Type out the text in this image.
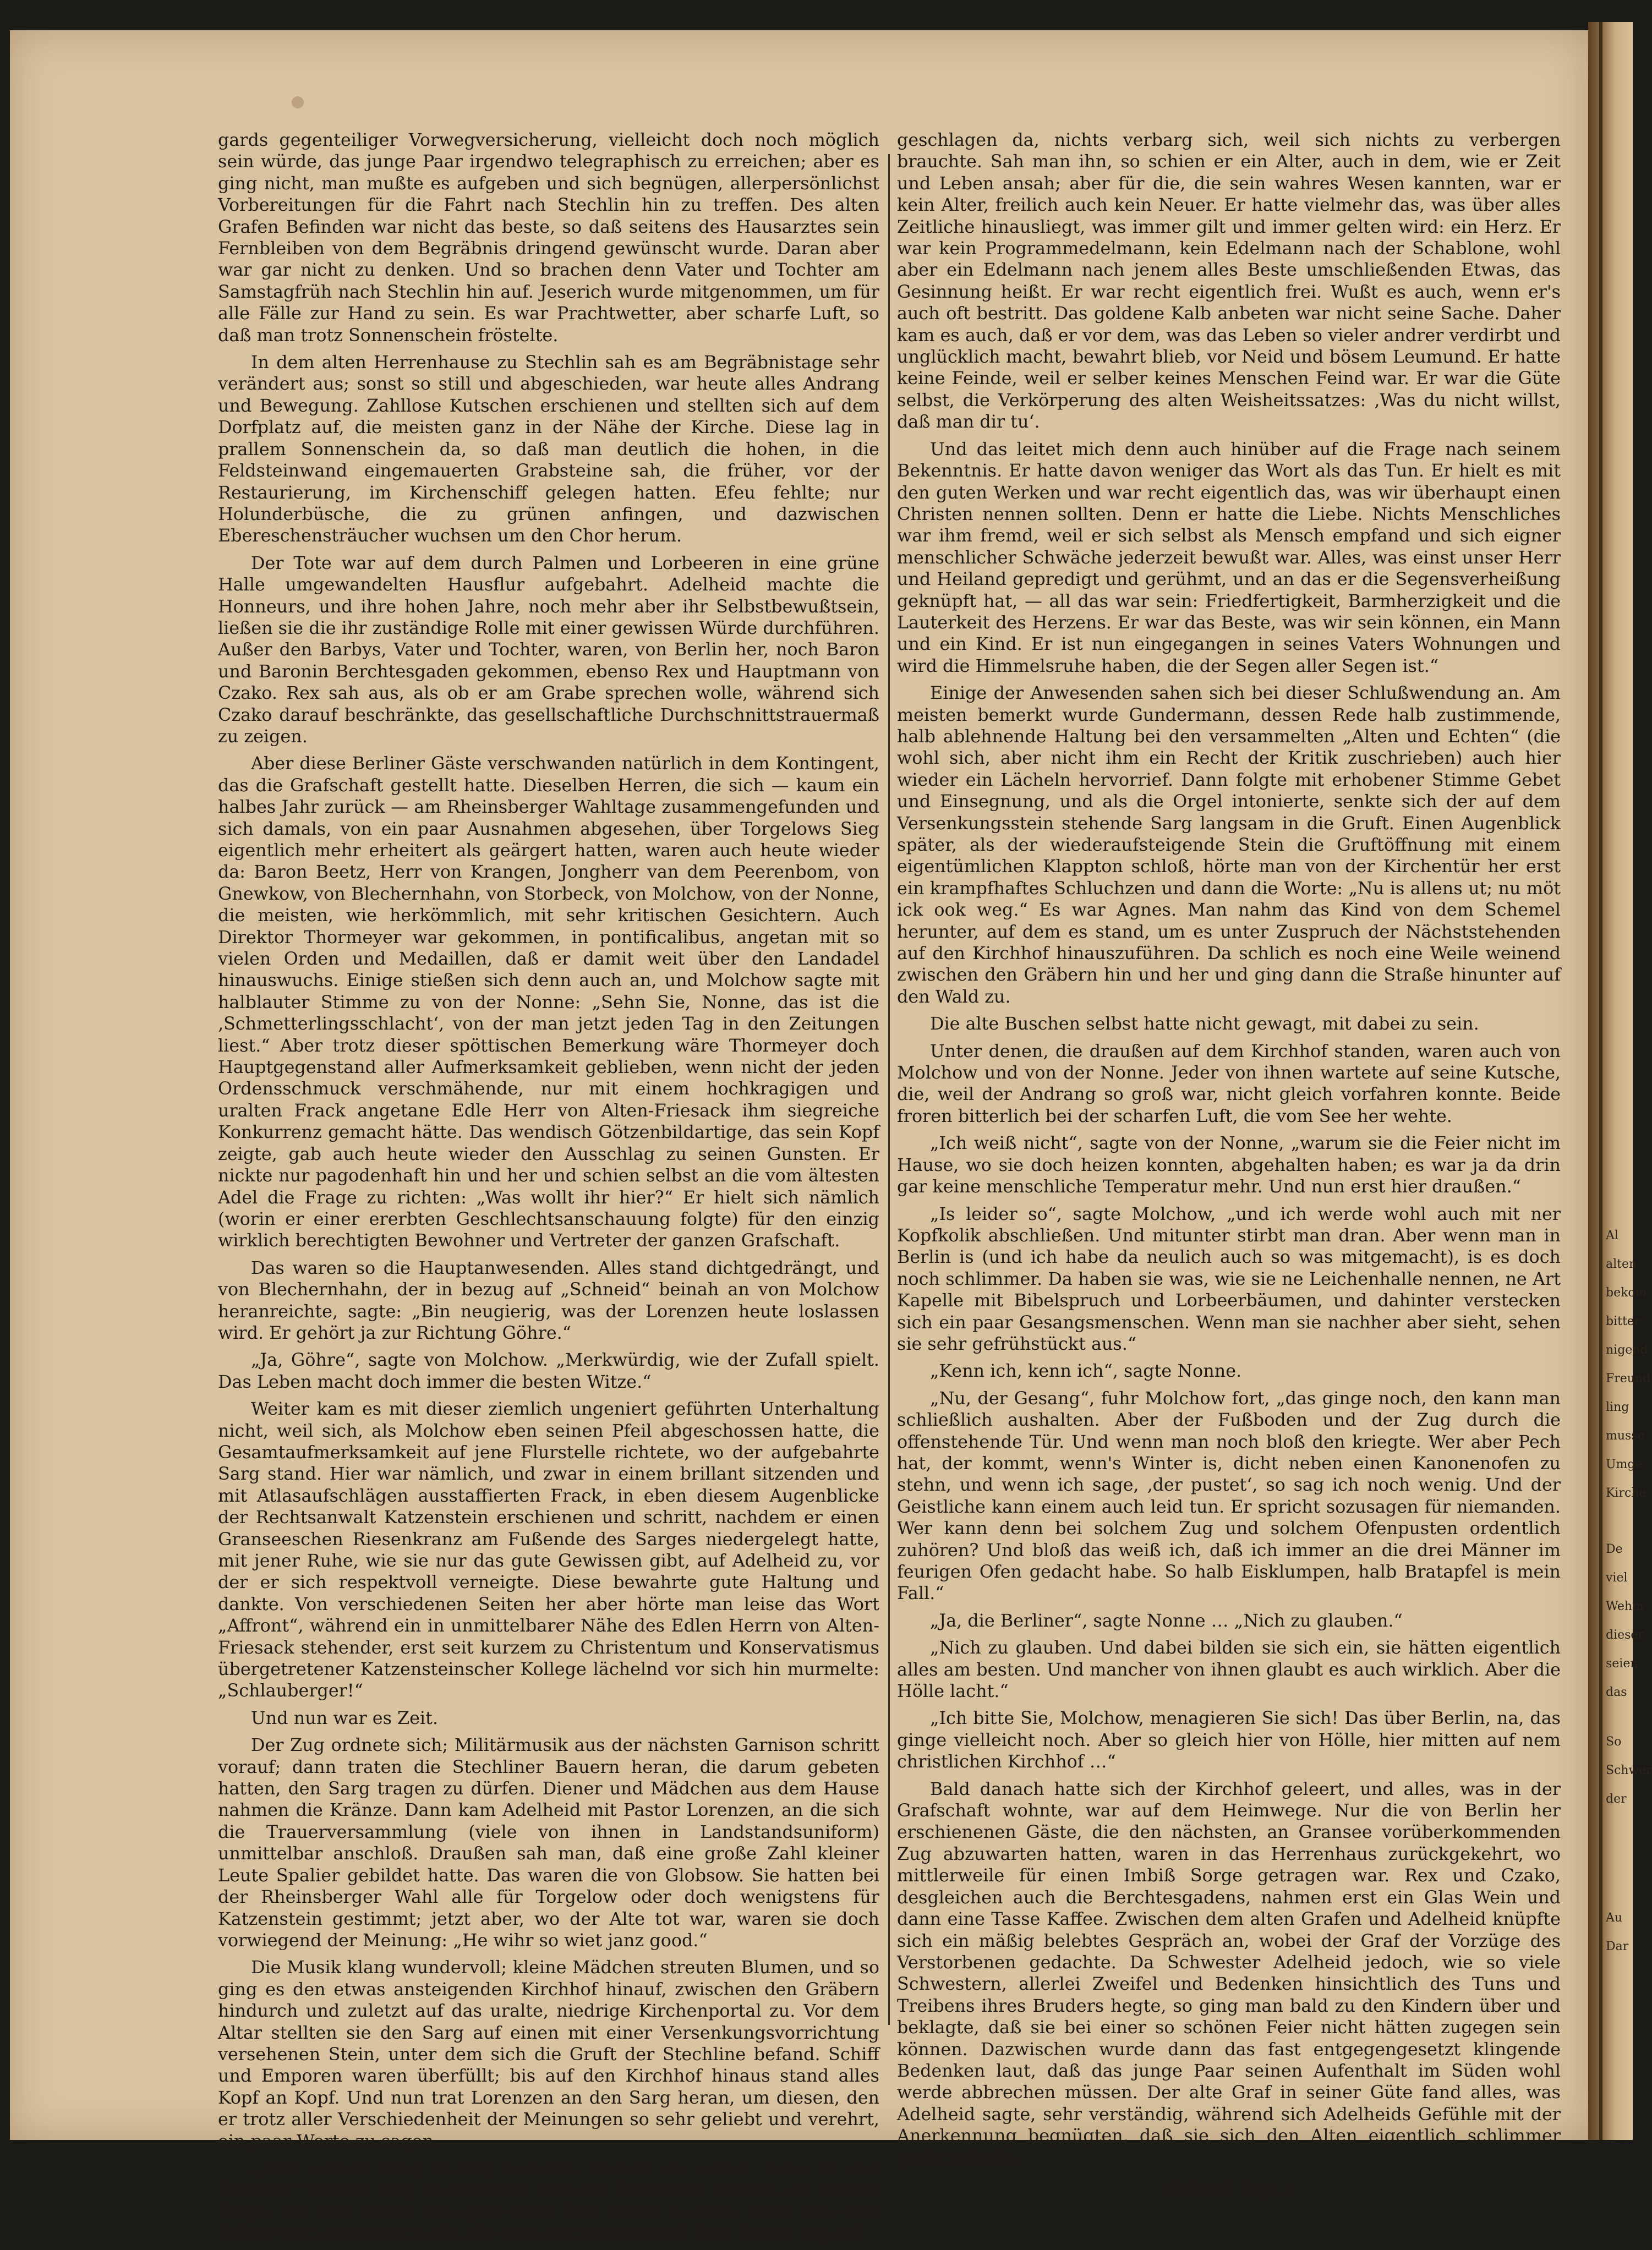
gards gegenteiliger Vorwegversicherung, vielleicht doch noch möglich sein würde, das junge Paar irgendwo telegraphisch zu erreichen; aber es ging nicht, man mußte es aufgeben und sich begnügen, allerpersönlichst Vorbereitungen für die Fahrt nach Stechlin hin zu treffen. Des alten Grafen Befinden war nicht das beste, so daß seitens des Hausarztes sein Fernbleiben von dem Begräbnis dringend gewünscht wurde. Daran aber war gar nicht zu denken. Und so brachen denn Vater und Tochter am Samstagfrüh nach Stechlin hin auf. Jeserich wurde mitgenommen, um für alle Fälle zur Hand zu sein. Es war Prachtwetter, aber scharfe Luft, so daß man trotz Sonnenschein fröstelte.

In dem alten Herrenhause zu Stechlin sah es am Begräbnistage sehr verändert aus; sonst so still und abgeschieden, war heute alles Andrang und Bewegung. Zahllose Kutschen erschienen und stellten sich auf dem Dorfplatz auf, die meisten ganz in der Nähe der Kirche. Diese lag in prallem Sonnenschein da, so daß man deutlich die hohen, in die Feldsteinwand eingemauerten Grabsteine sah, die früher, vor der Restaurierung, im Kirchenschiff gelegen hatten. Efeu fehlte; nur Holunderbüsche, die zu grünen anfingen, und dazwischen Ebereschensträucher wuchsen um den Chor herum.

Der Tote war auf dem durch Palmen und Lorbeeren in eine grüne Halle umgewandelten Hausflur aufgebahrt. Adelheid machte die Honneurs, und ihre hohen Jahre, noch mehr aber ihr Selbstbewußtsein, ließen sie die ihr zuständige Rolle mit einer gewissen Würde durchführen. Außer den Barbys, Vater und Tochter, waren, von Berlin her, noch Baron und Baronin Berchtesgaden gekommen, ebenso Rex und Hauptmann von Czako. Rex sah aus, als ob er am Grabe sprechen wolle, während sich Czako darauf beschränkte, das gesellschaftliche Durchschnittstrauermaß zu zeigen.

Aber diese Berliner Gäste verschwanden natürlich in dem Kontingent, das die Grafschaft gestellt hatte. Dieselben Herren, die sich — kaum ein halbes Jahr zurück — am Rheinsberger Wahltage zusammengefunden und sich damals, von ein paar Ausnahmen abgesehen, über Torgelows Sieg eigentlich mehr erheitert als geärgert hatten, waren auch heute wieder da: Baron Beetz, Herr von Krangen, Jongherr van dem Peerenbom, von Gnewkow, von Blechernhahn, von Storbeck, von Molchow, von der Nonne, die meisten, wie herkömmlich, mit sehr kritischen Gesichtern. Auch Direktor Thormeyer war gekommen, in pontificalibus, angetan mit so vielen Orden und Medaillen, daß er damit weit über den Landadel hinauswuchs. Einige stießen sich denn auch an, und Molchow sagte mit halblauter Stimme zu von der Nonne: „Sehn Sie, Nonne, das ist die ‚Schmetterlingsschlacht‘, von der man jetzt jeden Tag in den Zeitungen liest.“ Aber trotz dieser spöttischen Bemerkung wäre Thormeyer doch Hauptgegenstand aller Aufmerksamkeit geblieben, wenn nicht der jeden Ordensschmuck verschmähende, nur mit einem hochkragigen und uralten Frack angetane Edle Herr von Alten-Friesack ihm siegreiche Konkurrenz gemacht hätte. Das wendisch Götzenbildartige, das sein Kopf zeigte, gab auch heute wieder den Ausschlag zu seinen Gunsten. Er nickte nur pagodenhaft hin und her und schien selbst an die vom ältesten Adel die Frage zu richten: „Was wollt ihr hier?“ Er hielt sich nämlich (worin er einer ererbten Geschlechtsanschauung folgte) für den einzig wirklich berechtigten Bewohner und Vertreter der ganzen Grafschaft.

Das waren so die Hauptanwesenden. Alles stand dichtgedrängt, und von Blechernhahn, der in bezug auf „Schneid“ beinah an von Molchow heranreichte, sagte: „Bin neugierig, was der Lorenzen heute loslassen wird. Er gehört ja zur Richtung Göhre.“

„Ja, Göhre“, sagte von Molchow. „Merkwürdig, wie der Zufall spielt. Das Leben macht doch immer die besten Witze.“

Weiter kam es mit dieser ziemlich ungeniert geführten Unterhaltung nicht, weil sich, als Molchow eben seinen Pfeil abgeschossen hatte, die Gesamtaufmerksamkeit auf jene Flurstelle richtete, wo der aufgebahrte Sarg stand. Hier war nämlich, und zwar in einem brillant sitzenden und mit Atlasaufschlägen ausstaffierten Frack, in eben diesem Augenblicke der Rechtsanwalt Katzenstein erschienen und schritt, nachdem er einen Granseeschen Riesenkranz am Fußende des Sarges niedergelegt hatte, mit jener Ruhe, wie sie nur das gute Gewissen gibt, auf Adelheid zu, vor der er sich respektvoll verneigte. Diese bewahrte gute Haltung und dankte. Von verschiedenen Seiten her aber hörte man leise das Wort „Affront“, während ein in unmittelbarer Nähe des Edlen Herrn von Alten-Friesack stehender, erst seit kurzem zu Christentum und Konservatismus übergetretener Katzensteinscher Kollege lächelnd vor sich hin murmelte: „Schlauberger!“

Und nun war es Zeit.

Der Zug ordnete sich; Militärmusik aus der nächsten Garnison schritt vorauf; dann traten die Stechliner Bauern heran, die darum gebeten hatten, den Sarg tragen zu dürfen. Diener und Mädchen aus dem Hause nahmen die Kränze. Dann kam Adelheid mit Pastor Lorenzen, an die sich die Trauerversammlung (viele von ihnen in Landstandsuniform) unmittelbar anschloß. Draußen sah man, daß eine große Zahl kleiner Leute Spalier gebildet hatte. Das waren die von Globsow. Sie hatten bei der Rheinsberger Wahl alle für Torgelow oder doch wenigstens für Katzenstein gestimmt; jetzt aber, wo der Alte tot war, waren sie doch vorwiegend der Meinung: „He wihr so wiet janz good.“

Die Musik klang wundervoll; kleine Mädchen streuten Blumen, und so ging es den etwas ansteigenden Kirchhof hinauf, zwischen den Gräbern hindurch und zuletzt auf das uralte, niedrige Kirchenportal zu. Vor dem Altar stellten sie den Sarg auf einen mit einer Versenkungsvorrichtung versehenen Stein, unter dem sich die Gruft der Stechline befand. Schiff und Emporen waren überfüllt; bis auf den Kirchhof hinaus stand alles Kopf an Kopf. Und nun trat Lorenzen an den Sarg heran, um diesen, den er trotz aller Verschiedenheit der Meinungen so sehr geliebt und verehrt, ein paar Worte zu sagen.

„‚Wer seinen Weg richtig wandelt, kommt zu seiner Ruhe in der Kammer.‘ Diesen Weg zu wandeln war das Bestreben dessen, an dessen Sarge wir hier stehn. Ich gebe kein Bild seines Lebens, denn wie dies Leben war, es wissen's alle, die hier erschienen sind. Sein Leben lag auf-

geschlagen da, nichts verbarg sich, weil sich nichts zu verbergen brauchte. Sah man ihn, so schien er ein Alter, auch in dem, wie er Zeit und Leben ansah; aber für die, die sein wahres Wesen kannten, war er kein Alter, freilich auch kein Neuer. Er hatte vielmehr das, was über alles Zeitliche hinausliegt, was immer gilt und immer gelten wird: ein Herz. Er war kein Programmedelmann, kein Edelmann nach der Schablone, wohl aber ein Edelmann nach jenem alles Beste umschließenden Etwas, das Gesinnung heißt. Er war recht eigentlich frei. Wußt es auch, wenn er's auch oft bestritt. Das goldene Kalb anbeten war nicht seine Sache. Daher kam es auch, daß er vor dem, was das Leben so vieler andrer verdirbt und unglücklich macht, bewahrt blieb, vor Neid und bösem Leumund. Er hatte keine Feinde, weil er selber keines Menschen Feind war. Er war die Güte selbst, die Verkörperung des alten Weisheitssatzes: ‚Was du nicht willst, daß man dir tu‘.

Und das leitet mich denn auch hinüber auf die Frage nach seinem Bekenntnis. Er hatte davon weniger das Wort als das Tun. Er hielt es mit den guten Werken und war recht eigentlich das, was wir überhaupt einen Christen nennen sollten. Denn er hatte die Liebe. Nichts Menschliches war ihm fremd, weil er sich selbst als Mensch empfand und sich eigner menschlicher Schwäche jederzeit bewußt war. Alles, was einst unser Herr und Heiland gepredigt und gerühmt, und an das er die Segensverheißung geknüpft hat, — all das war sein: Friedfertigkeit, Barmherzigkeit und die Lauterkeit des Herzens. Er war das Beste, was wir sein können, ein Mann und ein Kind. Er ist nun eingegangen in seines Vaters Wohnungen und wird die Himmelsruhe haben, die der Segen aller Segen ist.“

Einige der Anwesenden sahen sich bei dieser Schlußwendung an. Am meisten bemerkt wurde Gundermann, dessen Rede halb zustimmende, halb ablehnende Haltung bei den versammelten „Alten und Echten“ (die wohl sich, aber nicht ihm ein Recht der Kritik zuschrieben) auch hier wieder ein Lächeln hervorrief. Dann folgte mit erhobener Stimme Gebet und Einsegnung, und als die Orgel intonierte, senkte sich der auf dem Versenkungsstein stehende Sarg langsam in die Gruft. Einen Augenblick später, als der wiederaufsteigende Stein die Gruftöffnung mit einem eigentümlichen Klappton schloß, hörte man von der Kirchentür her erst ein krampfhaftes Schluchzen und dann die Worte: „Nu is allens ut; nu möt ick ook weg.“ Es war Agnes. Man nahm das Kind von dem Schemel herunter, auf dem es stand, um es unter Zuspruch der Nächststehenden auf den Kirchhof hinauszuführen. Da schlich es noch eine Weile weinend zwischen den Gräbern hin und her und ging dann die Straße hinunter auf den Wald zu.

Die alte Buschen selbst hatte nicht gewagt, mit dabei zu sein.

Unter denen, die draußen auf dem Kirchhof standen, waren auch von Molchow und von der Nonne. Jeder von ihnen wartete auf seine Kutsche, die, weil der Andrang so groß war, nicht gleich vorfahren konnte. Beide froren bitterlich bei der scharfen Luft, die vom See her wehte.

„Ich weiß nicht“, sagte von der Nonne, „warum sie die Feier nicht im Hause, wo sie doch heizen konnten, abgehalten haben; es war ja da drin gar keine menschliche Temperatur mehr. Und nun erst hier draußen.“

„Is leider so“, sagte Molchow, „und ich werde wohl auch mit ner Kopfkolik abschließen. Und mitunter stirbt man dran. Aber wenn man in Berlin is (und ich habe da neulich auch so was mitgemacht), is es doch noch schlimmer. Da haben sie was, wie sie ne Leichenhalle nennen, ne Art Kapelle mit Bibelspruch und Lorbeerbäumen, und dahinter verstecken sich ein paar Gesangsmenschen. Wenn man sie nachher aber sieht, sehen sie sehr gefrühstückt aus.“

„Kenn ich, kenn ich“, sagte Nonne.

„Nu, der Gesang“, fuhr Molchow fort, „das ginge noch, den kann man schließlich aushalten. Aber der Fußboden und der Zug durch die offenstehende Tür. Und wenn man noch bloß den kriegte. Wer aber Pech hat, der kommt, wenn's Winter is, dicht neben einen Kanonenofen zu stehn, und wenn ich sage, ‚der pustet‘, so sag ich noch wenig. Und der Geistliche kann einem auch leid tun. Er spricht sozusagen für niemanden. Wer kann denn bei solchem Zug und solchem Ofenpusten ordentlich zuhören? Und bloß das weiß ich, daß ich immer an die drei Männer im feurigen Ofen gedacht habe. So halb Eisklumpen, halb Bratapfel is mein Fall.“

„Ja, die Berliner“, sagte Nonne … „Nich zu glauben.“

„Nich zu glauben. Und dabei bilden sie sich ein, sie hätten eigentlich alles am besten. Und mancher von ihnen glaubt es auch wirklich. Aber die Hölle lacht.“

„Ich bitte Sie, Molchow, menagieren Sie sich! Das über Berlin, na, das ginge vielleicht noch. Aber so gleich hier von Hölle, hier mitten auf nem christlichen Kirchhof …“

Bald danach hatte sich der Kirchhof geleert, und alles, was in der Grafschaft wohnte, war auf dem Heimwege. Nur die von Berlin her erschienenen Gäste, die den nächsten, an Gransee vorüberkommenden Zug abzuwarten hatten, waren in das Herrenhaus zurückgekehrt, wo mittlerweile für einen Imbiß Sorge getragen war. Rex und Czako, desgleichen auch die Berchtesgadens, nahmen erst ein Glas Wein und dann eine Tasse Kaffee. Zwischen dem alten Grafen und Adelheid knüpfte sich ein mäßig belebtes Gespräch an, wobei der Graf der Vorzüge des Verstorbenen gedachte. Da Schwester Adelheid jedoch, wie so viele Schwestern, allerlei Zweifel und Bedenken hinsichtlich des Tuns und Treibens ihres Bruders hegte, so ging man bald zu den Kindern über und beklagte, daß sie bei einer so schönen Feier nicht hätten zugegen sein können. Dazwischen wurde dann das fast entgegengesetzt klingende Bedenken laut, daß das junge Paar seinen Aufenthalt im Süden wohl werde abbrechen müssen. Der alte Graf in seiner Güte fand alles, was Adelheid sagte, sehr verständig, während sich Adelheids Gefühle mit der Anerkennung begnügten, daß sie sich den Alten eigentlich schlimmer gedacht habe.

(Schluß folgt.)
Al
alten
bekom
bitter
nigend
Freund
ling
musse
Umge
Kirche
De
viel
Wehm
dieser
seien
das
So
Schwer
der
Au
Dar
